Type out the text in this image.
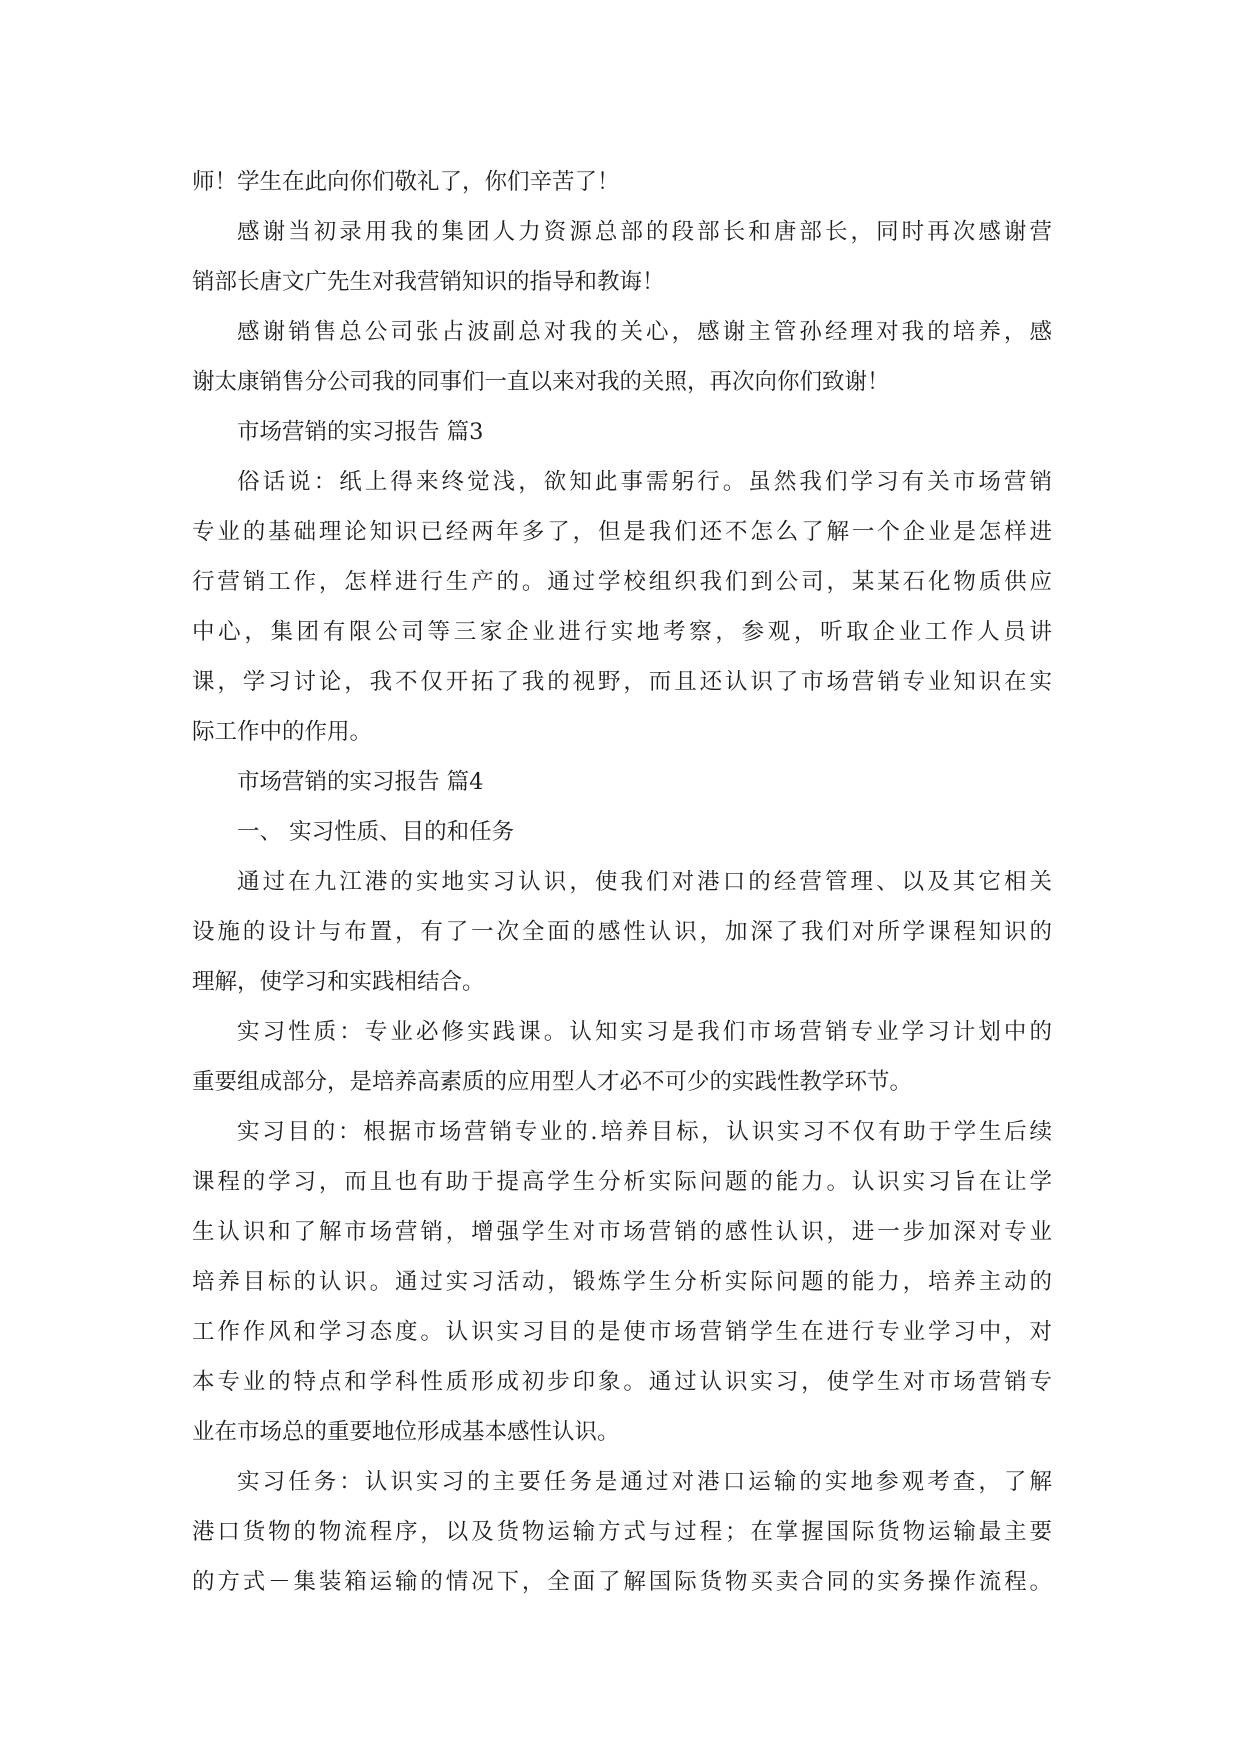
师！学生在此向你们敬礼了，你们辛苦了！
感谢当初录用我的集团人力资源总部的段部长和唐部长，同时再次感谢营
销部长唐文广先生对我营销知识的指导和教诲！
感谢销售总公司张占波副总对我的关心，感谢主管孙经理对我的培养，感
谢太康销售分公司我的同事们一直以来对我的关照，再次向你们致谢！
市场营销的实习报告 篇3
俗话说：纸上得来终觉浅，欲知此事需躬行。虽然我们学习有关市场营销
专业的基础理论知识已经两年多了，但是我们还不怎么了解一个企业是怎样进
行营销工作，怎样进行生产的。通过学校组织我们到公司，某某石化物质供应
中心，集团有限公司等三家企业进行实地考察，参观，听取企业工作人员讲
课，学习讨论，我不仅开拓了我的视野，而且还认识了市场营销专业知识在实
际工作中的作用。
市场营销的实习报告 篇4
一、 实习性质、目的和任务
通过在九江港的实地实习认识，使我们对港口的经营管理、以及其它相关
设施的设计与布置，有了一次全面的感性认识，加深了我们对所学课程知识的
理解，使学习和实践相结合。
实习性质：专业必修实践课。认知实习是我们市场营销专业学习计划中的
重要组成部分，是培养高素质的应用型人才必不可少的实践性教学环节。
实习目的：根据市场营销专业的.培养目标，认识实习不仅有助于学生后续
课程的学习，而且也有助于提高学生分析实际问题的能力。认识实习旨在让学
生认识和了解市场营销，增强学生对市场营销的感性认识，进一步加深对专业
培养目标的认识。通过实习活动，锻炼学生分析实际问题的能力，培养主动的
工作作风和学习态度。认识实习目的是使市场营销学生在进行专业学习中，对
本专业的特点和学科性质形成初步印象。通过认识实习，使学生对市场营销专
业在市场总的重要地位形成基本感性认识。
实习任务：认识实习的主要任务是通过对港口运输的实地参观考查，了解
港口货物的物流程序，以及货物运输方式与过程；在掌握国际货物运输最主要
的方式－集装箱运输的情况下，全面了解国际货物买卖合同的实务操作流程。
